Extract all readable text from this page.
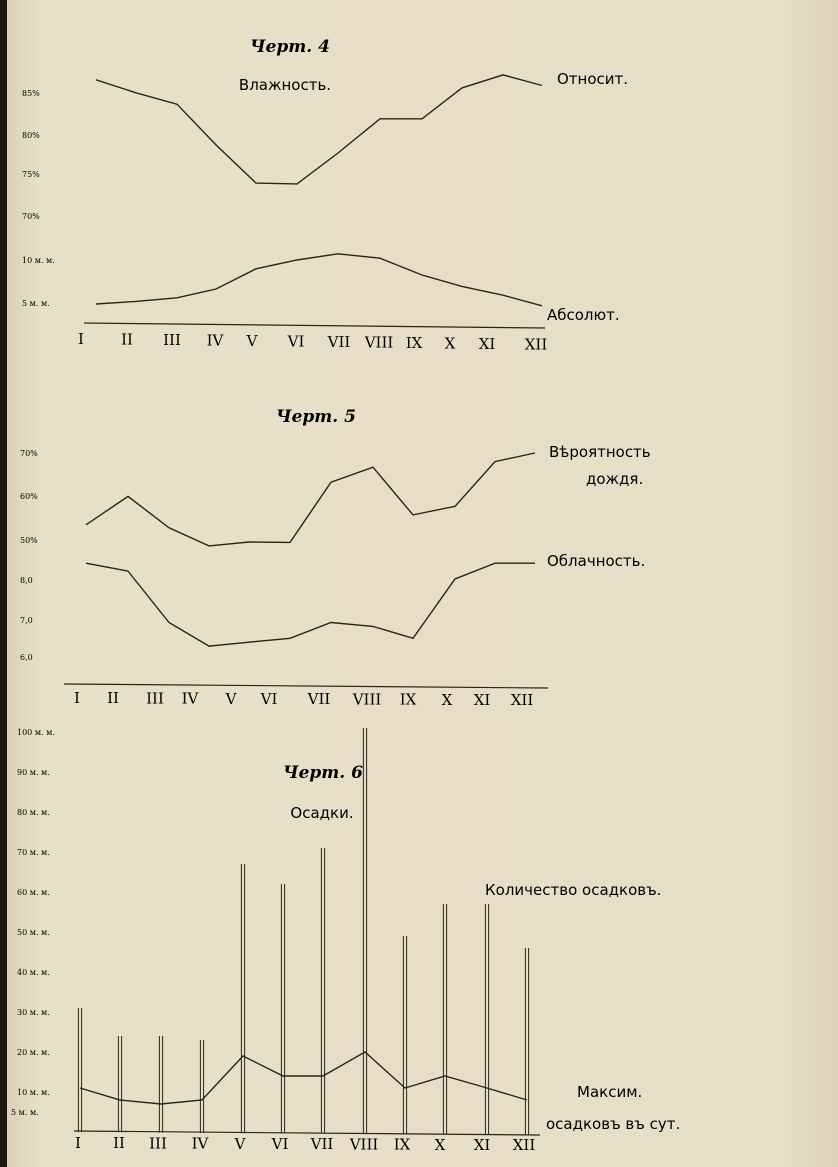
Черт. 4
Влажность.
85%
80%
75%
70%
10 м. м.
5 м. м.
Относит.
Абсолют.
I II III IV V VI VII VIII IX X XI XII
Черт. 5
70%
60%
50%
8,0
7,0
6,0
Вѣроятность дождя.
Облачность.
I II III IV V VI VII VIII IX X XI XII
Черт. 6
Осадки.
100 м. м.
90 м. м.
80 м. м.
70 м. м.
60 м. м.
50 м. м.
40 м. м.
30 м. м.
20 м. м.
10 м. м.
5 м. м.
Количество осадковъ.
Максим. осадковъ въ сут.
I II III IV V VI VII VIII IX X XI XII
